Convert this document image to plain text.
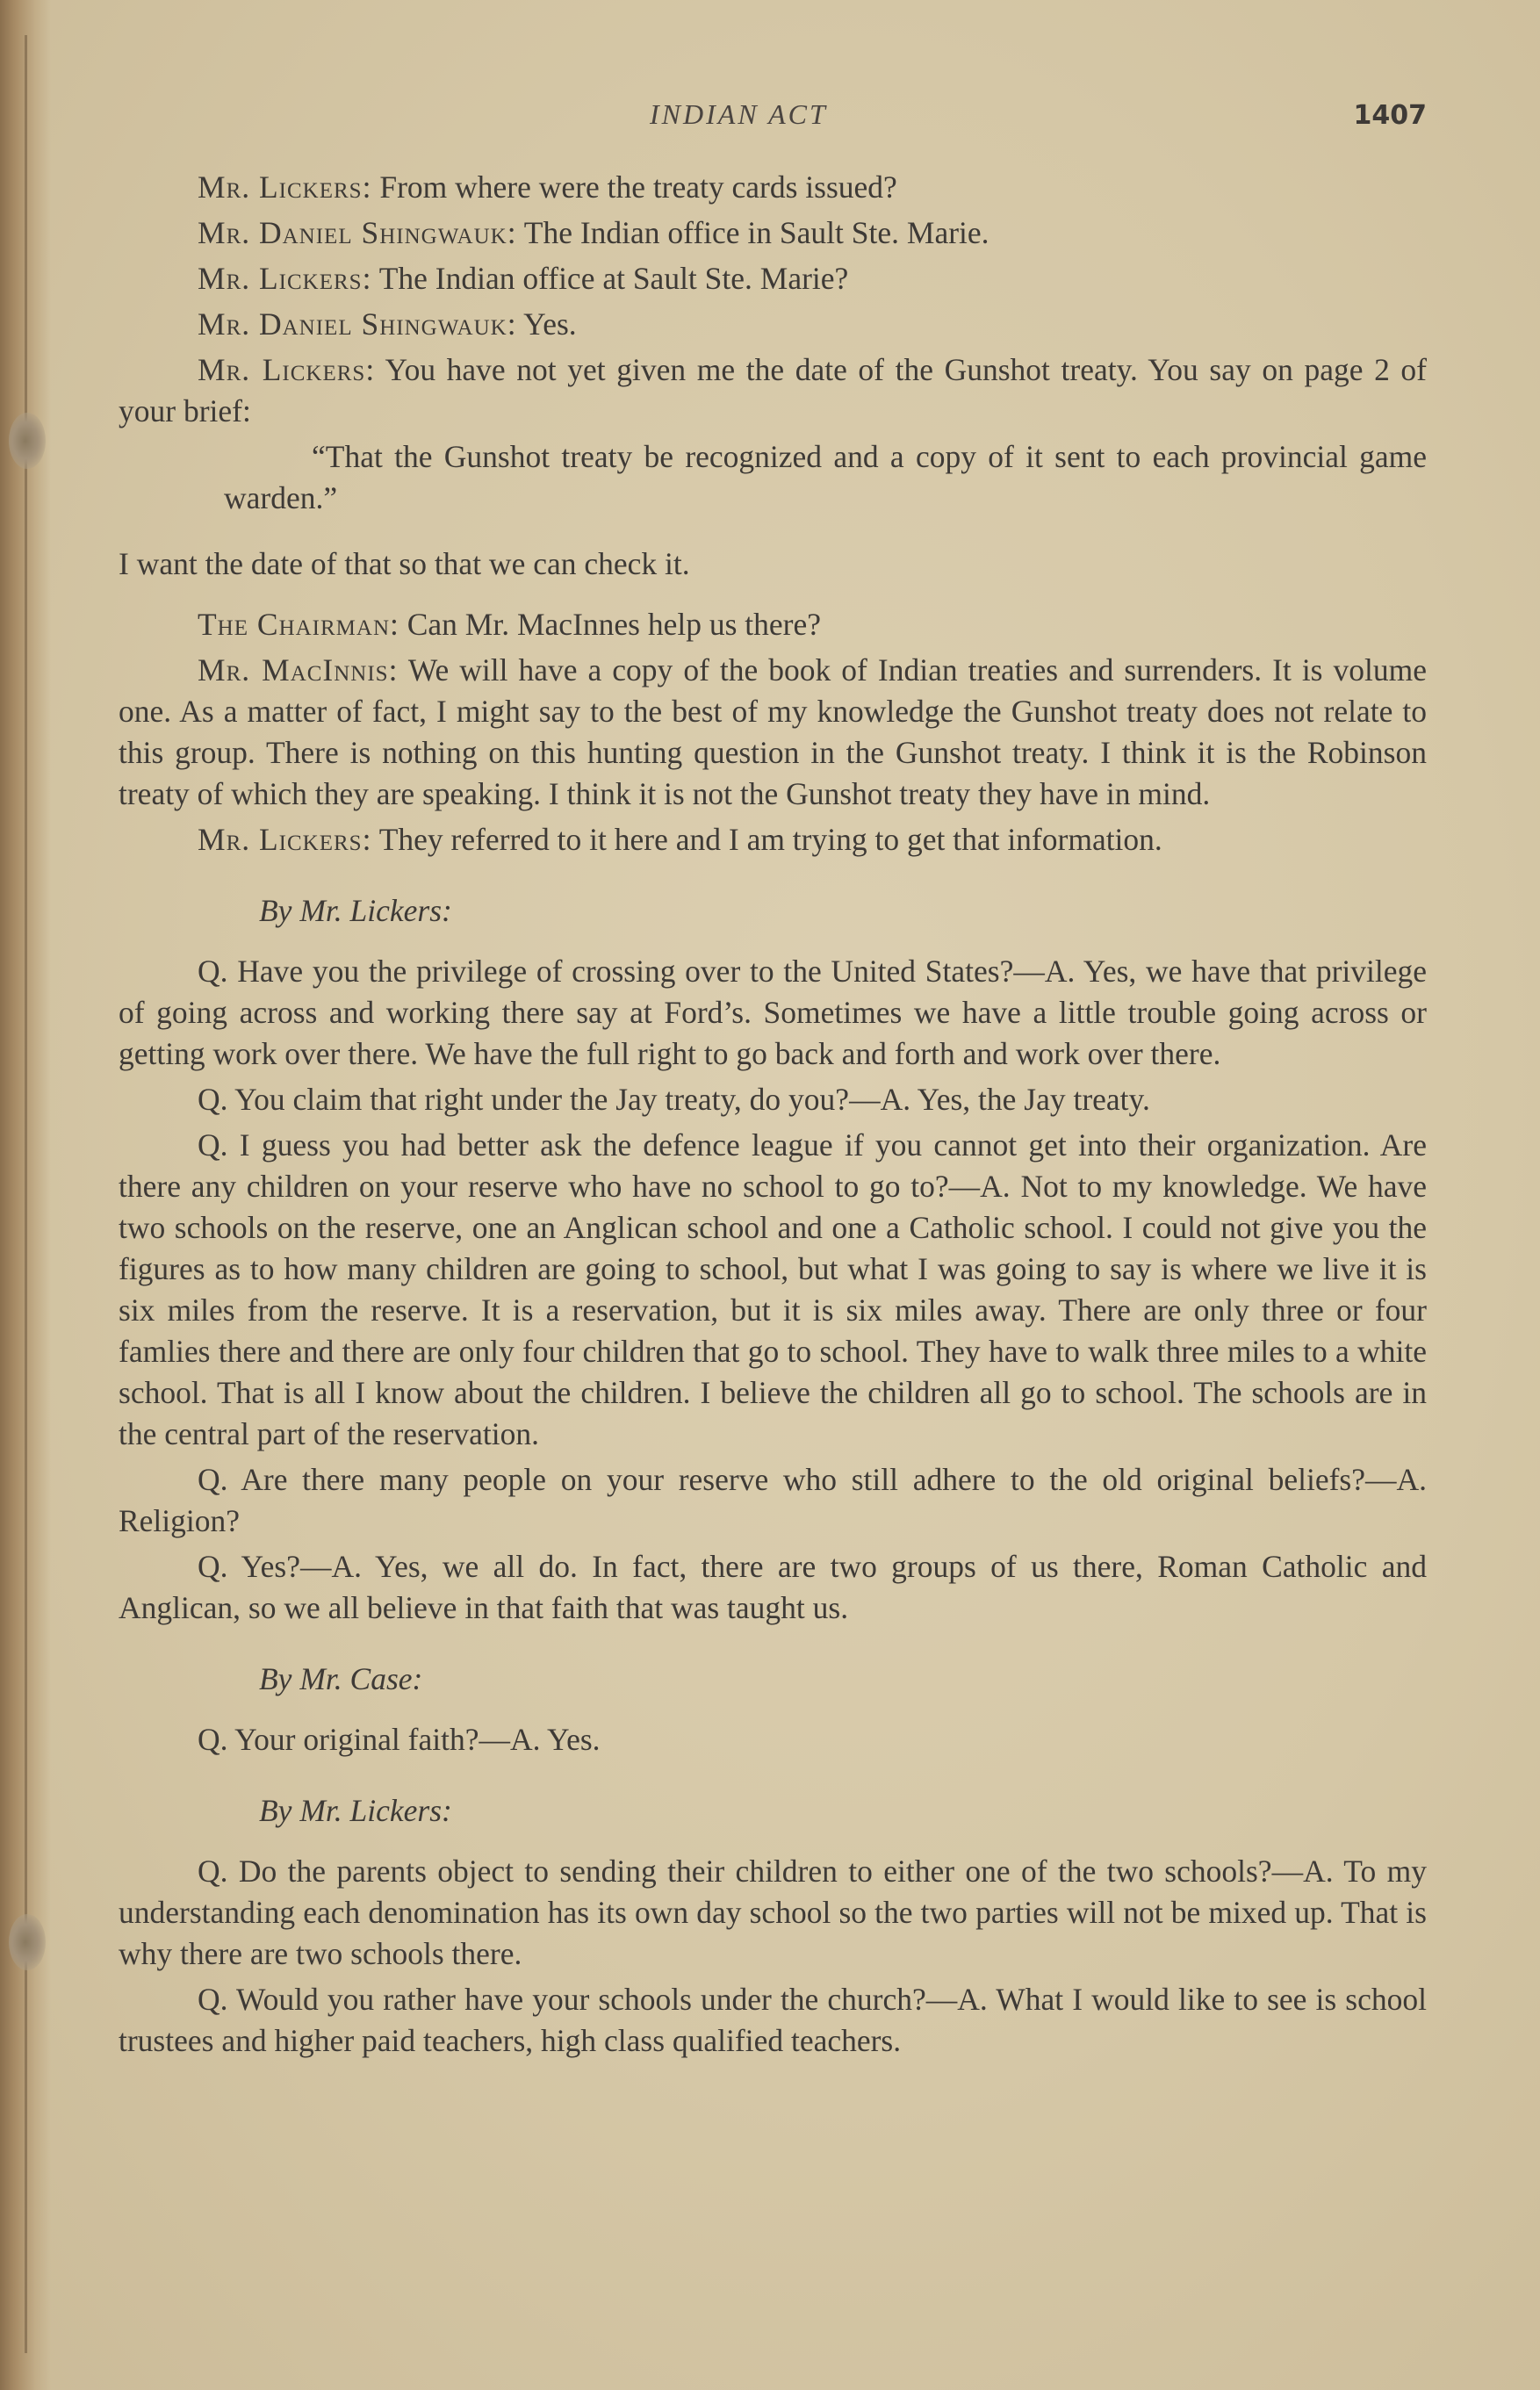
INDIAN ACT	1407

Mr. Lickers: From where were the treaty cards issued?

Mr. Daniel Shingwauk: The Indian office in Sault Ste. Marie.

Mr. Lickers: The Indian office at Sault Ste. Marie?

Mr. Daniel Shingwauk: Yes.

Mr. Lickers: You have not yet given me the date of the Gunshot treaty. You say on page 2 of your brief:

“That the Gunshot treaty be recognized and a copy of it sent to each provincial game warden.”

I want the date of that so that we can check it.

The Chairman: Can Mr. MacInnes help us there?

Mr. MacInnis: We will have a copy of the book of Indian treaties and surrenders. It is volume one. As a matter of fact, I might say to the best of my knowledge the Gunshot treaty does not relate to this group. There is nothing on this hunting question in the Gunshot treaty. I think it is the Robinson treaty of which they are speaking. I think it is not the Gunshot treaty they have in mind.

Mr. Lickers: They referred to it here and I am trying to get that information.

By Mr. Lickers:

Q. Have you the privilege of crossing over to the United States?—A. Yes, we have that privilege of going across and working there say at Ford’s. Sometimes we have a little trouble going across or getting work over there. We have the full right to go back and forth and work over there.

Q. You claim that right under the Jay treaty, do you?—A. Yes, the Jay treaty.

Q. I guess you had better ask the defence league if you cannot get into their organization. Are there any children on your reserve who have no school to go to?—A. Not to my knowledge. We have two schools on the reserve, one an Anglican school and one a Catholic school. I could not give you the figures as to how many children are going to school, but what I was going to say is where we live it is six miles from the reserve. It is a reservation, but it is six miles away. There are only three or four famlies there and there are only four children that go to school. They have to walk three miles to a white school. That is all I know about the children. I believe the children all go to school. The schools are in the central part of the reservation.

Q. Are there many people on your reserve who still adhere to the old original beliefs?—A. Religion?

Q. Yes?—A. Yes, we all do. In fact, there are two groups of us there, Roman Catholic and Anglican, so we all believe in that faith that was taught us.

By Mr. Case:

Q. Your original faith?—A. Yes.

By Mr. Lickers:

Q. Do the parents object to sending their children to either one of the two schools?—A. To my understanding each denomination has its own day school so the two parties will not be mixed up. That is why there are two schools there.

Q. Would you rather have your schools under the church?—A. What I would like to see is school trustees and higher paid teachers, high class qualified teachers.
